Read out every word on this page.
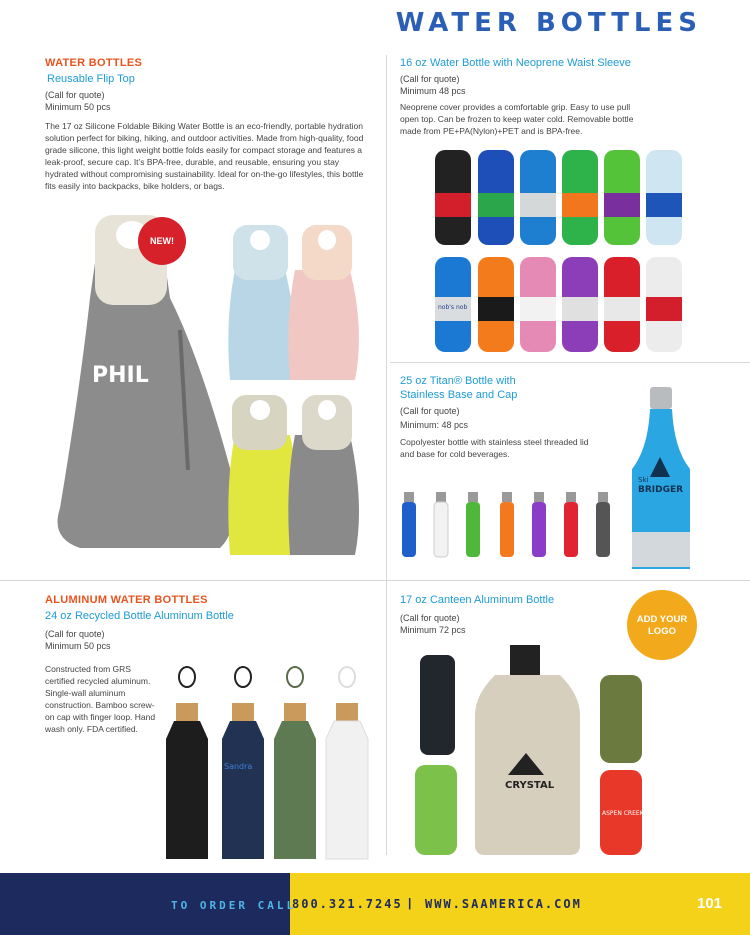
WATER BOTTLES
WATER BOTTLES
Reusable Flip Top
(Call for quote)
Minimum 50 pcs
The 17 oz Silicone Foldable Biking Water Bottle is an eco-friendly, portable hydration solution perfect for biking, hiking, and outdoor activities. Made from high-quality, food grade silicone, this light weight bottle folds easily for compact storage and features a leak-proof, secure cap. It’s BPA-free, durable, and reusable, ensuring you stay hydrated without compromising sustainability. Ideal for on-the-go lifestyles, this bottle fits easily into backpacks, bike holders, or bags.
PHIL
NEW!
16 oz Water Bottle with Neoprene Waist Sleeve
(Call for quote)
Minimum 48 pcs
Neoprene cover provides a comfortable grip. Easy to use pull open top. Can be frozen to keep water cold. Removable bottle made from PE+PA(Nylon)+PET and is BPA-free.
nob's nob
25 oz Titan® Bottle with
Stainless Base and Cap
(Call for quote)
Minimum: 48 pcs
Copolyester bottle with stainless steel threaded lid and base for cold beverages.
Ski
BRIDGER
ALUMINUM WATER BOTTLES
24 oz Recycled Bottle Aluminum Bottle
(Call for quote)
Minimum 50 pcs
Constructed from GRS certified recycled aluminum. Single-wall aluminum construction. Bamboo screw-on cap with finger loop. Hand wash only. FDA certified.
Sandra
17 oz Canteen Aluminum Bottle
(Call for quote)
Minimum 72 pcs
CRYSTAL
ASPEN CREEK
ADD YOUR LOGO
TO ORDER CALL
800.321.7245 | WWW.SAAMERICA.COM	101
